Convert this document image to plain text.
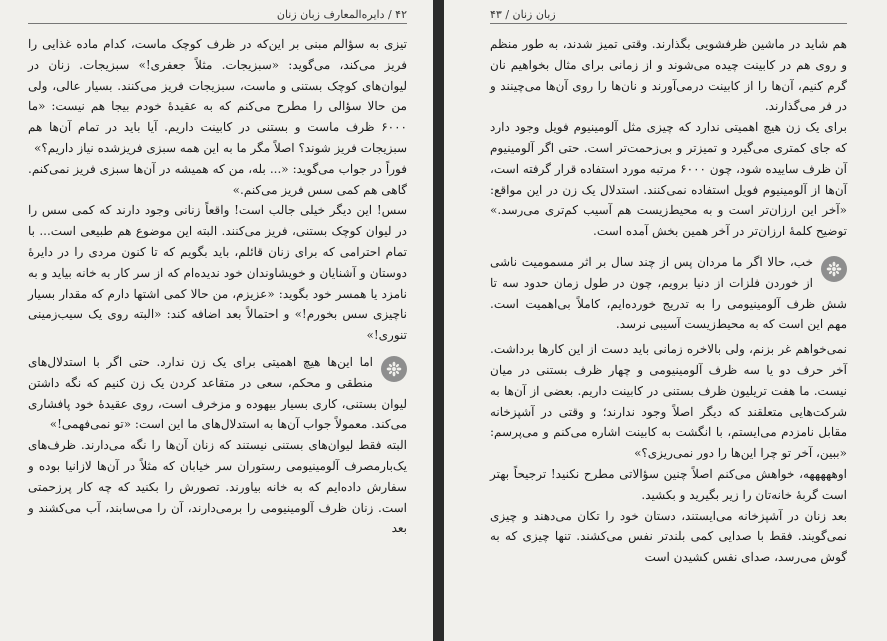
۴۲ / دایره‌المعارف زبان زنان

تیزی به سؤالم مبنی بر این‌که در ظرف کوچک ماست، کدام ماده غذایی را فریز می‌کند، می‌گوید: «سبزیجات. مثلاً جعفری!» سبزیجات. زنان در لیوان‌های کوچک بستنی و ماست، سبزیجات فریز می‌کنند. بسیار عالی، ولی من حالا سؤالی را مطرح می‌کنم که به عقیدهٔ خودم بیجا هم نیست: «ما ۶۰۰۰ ظرف ماست و بستنی در کابینت داریم. آیا باید در تمام آن‌ها هم سبزیجات فریز شوند؟ اصلاً مگر ما به این همه سبزی فریزشده نیاز داریم؟»

فوراً در جواب می‌گوید: «... بله، من که همیشه در آن‌ها سبزی فریز نمی‌کنم. گاهی هم کمی سس فریز می‌کنم.»

سس! این دیگر خیلی جالب است! واقعاً زنانی وجود دارند که کمی سس را در لیوان کوچک بستنی، فریز می‌کنند. البته این موضوع هم طبیعی است... با تمام احترامی که برای زنان قائلم، باید بگویم که تا کنون مردی را در دایرهٔ دوستان و آشنایان و خویشاوندان خود ندیده‌ام که از سر کار به خانه بیاید و به نامزد یا همسر خود بگوید: «عزیزم، من حالا کمی اشتها دارم که مقدار بسیار ناچیزی سس بخورم!» و احتمالاً بعد اضافه کند: «البته روی یک سیب‌زمینی تنوری!»

اما این‌ها هیچ اهمیتی برای یک زن ندارد. حتی اگر با استدلال‌های منطقی و محکم، سعی در متقاعد کردن یک زن کنیم که نگه داشتن لیوان بستنی، کاری بسیار بیهوده و مزخرف است، روی عقیدهٔ خود پافشاری می‌کند. معمولاً جواب آن‌ها به استدلال‌های ما این است: «تو نمی‌فهمی!»

البته فقط لیوان‌های بستنی نیستند که زنان آن‌ها را نگه می‌دارند. ظرف‌های یک‌بارمصرف آلومینیومی رستوران سر خیابان که مثلاً در آن‌ها لازانیا بوده و سفارش داده‌ایم که به خانه بیاورند. تصورش را بکنید که چه کار پرزحمتی است. زنان ظرف آلومینیومی را برمی‌دارند، آن را می‌سابند، آب می‌کشند و بعد

زبان زنان / ۴۳

هم شاید در ماشین ظرفشویی بگذارند. وقتی تمیز شدند، به طور منظم و روی هم در کابینت چیده می‌شوند و از زمانی برای مثال بخواهیم نان گرم کنیم، آن‌ها را از کابینت درمی‌آورند و نان‌ها را روی آن‌ها می‌چینند و در فر می‌گذارند.

برای یک زن هیچ اهمیتی ندارد که چیزی مثل آلومینیوم فویل وجود دارد که جای کمتری می‌گیرد و تمیزتر و بی‌زحمت‌تر است. حتی اگر آلومینیوم آن ظرف ساییده شود، چون ۶۰۰۰ مرتبه مورد استفاده قرار گرفته است، آن‌ها از آلومینیوم فویل استفاده نمی‌کنند. استدلال یک زن در این مواقع: «آخر این ارزان‌تر است و به محیط‌زیست هم آسیب کم‌تری می‌رسد.» توضیح کلمهٔ ارزان‌تر در آخر همین بخش آمده است.

خب، حالا اگر ما مردان پس از چند سال بر اثر مسمومیت ناشی از خوردن فلزات از دنیا برویم، چون در طول زمان حدود سه تا شش ظرف آلومینیومی را به تدریج خورده‌ایم، کاملاً بی‌اهمیت است. مهم این است که به محیط‌زیست آسیبی نرسد.

نمی‌خواهم غر بزنم، ولی بالاخره زمانی باید دست از این کارها برداشت. آخر حرف دو یا سه ظرف آلومینیومی و چهار ظرف بستنی در میان نیست. ما هفت تریلیون ظرف بستنی در کابینت داریم. بعضی از آن‌ها به شرکت‌هایی متعلقند که دیگر اصلاً وجود ندارند؛ و وقتی در آشپزخانه مقابل نامزدم می‌ایستم، با انگشت به کابینت اشاره می‌کنم و می‌پرسم: «ببین، آخر تو چرا این‌ها را دور نمی‌ریزی؟»

اوهههههه، خواهش می‌کنم اصلاً چنین سؤالاتی مطرح نکنید! ترجیحاً بهتر است گربهٔ خانه‌تان را زیر بگیرید و بکشید.

بعد زنان در آشپزخانه می‌ایستند، دستان خود را تکان می‌دهند و چیزی نمی‌گویند. فقط با صدایی کمی بلندتر نفس می‌کشند. تنها چیزی که به گوش می‌رسد، صدای نفس کشیدن است
